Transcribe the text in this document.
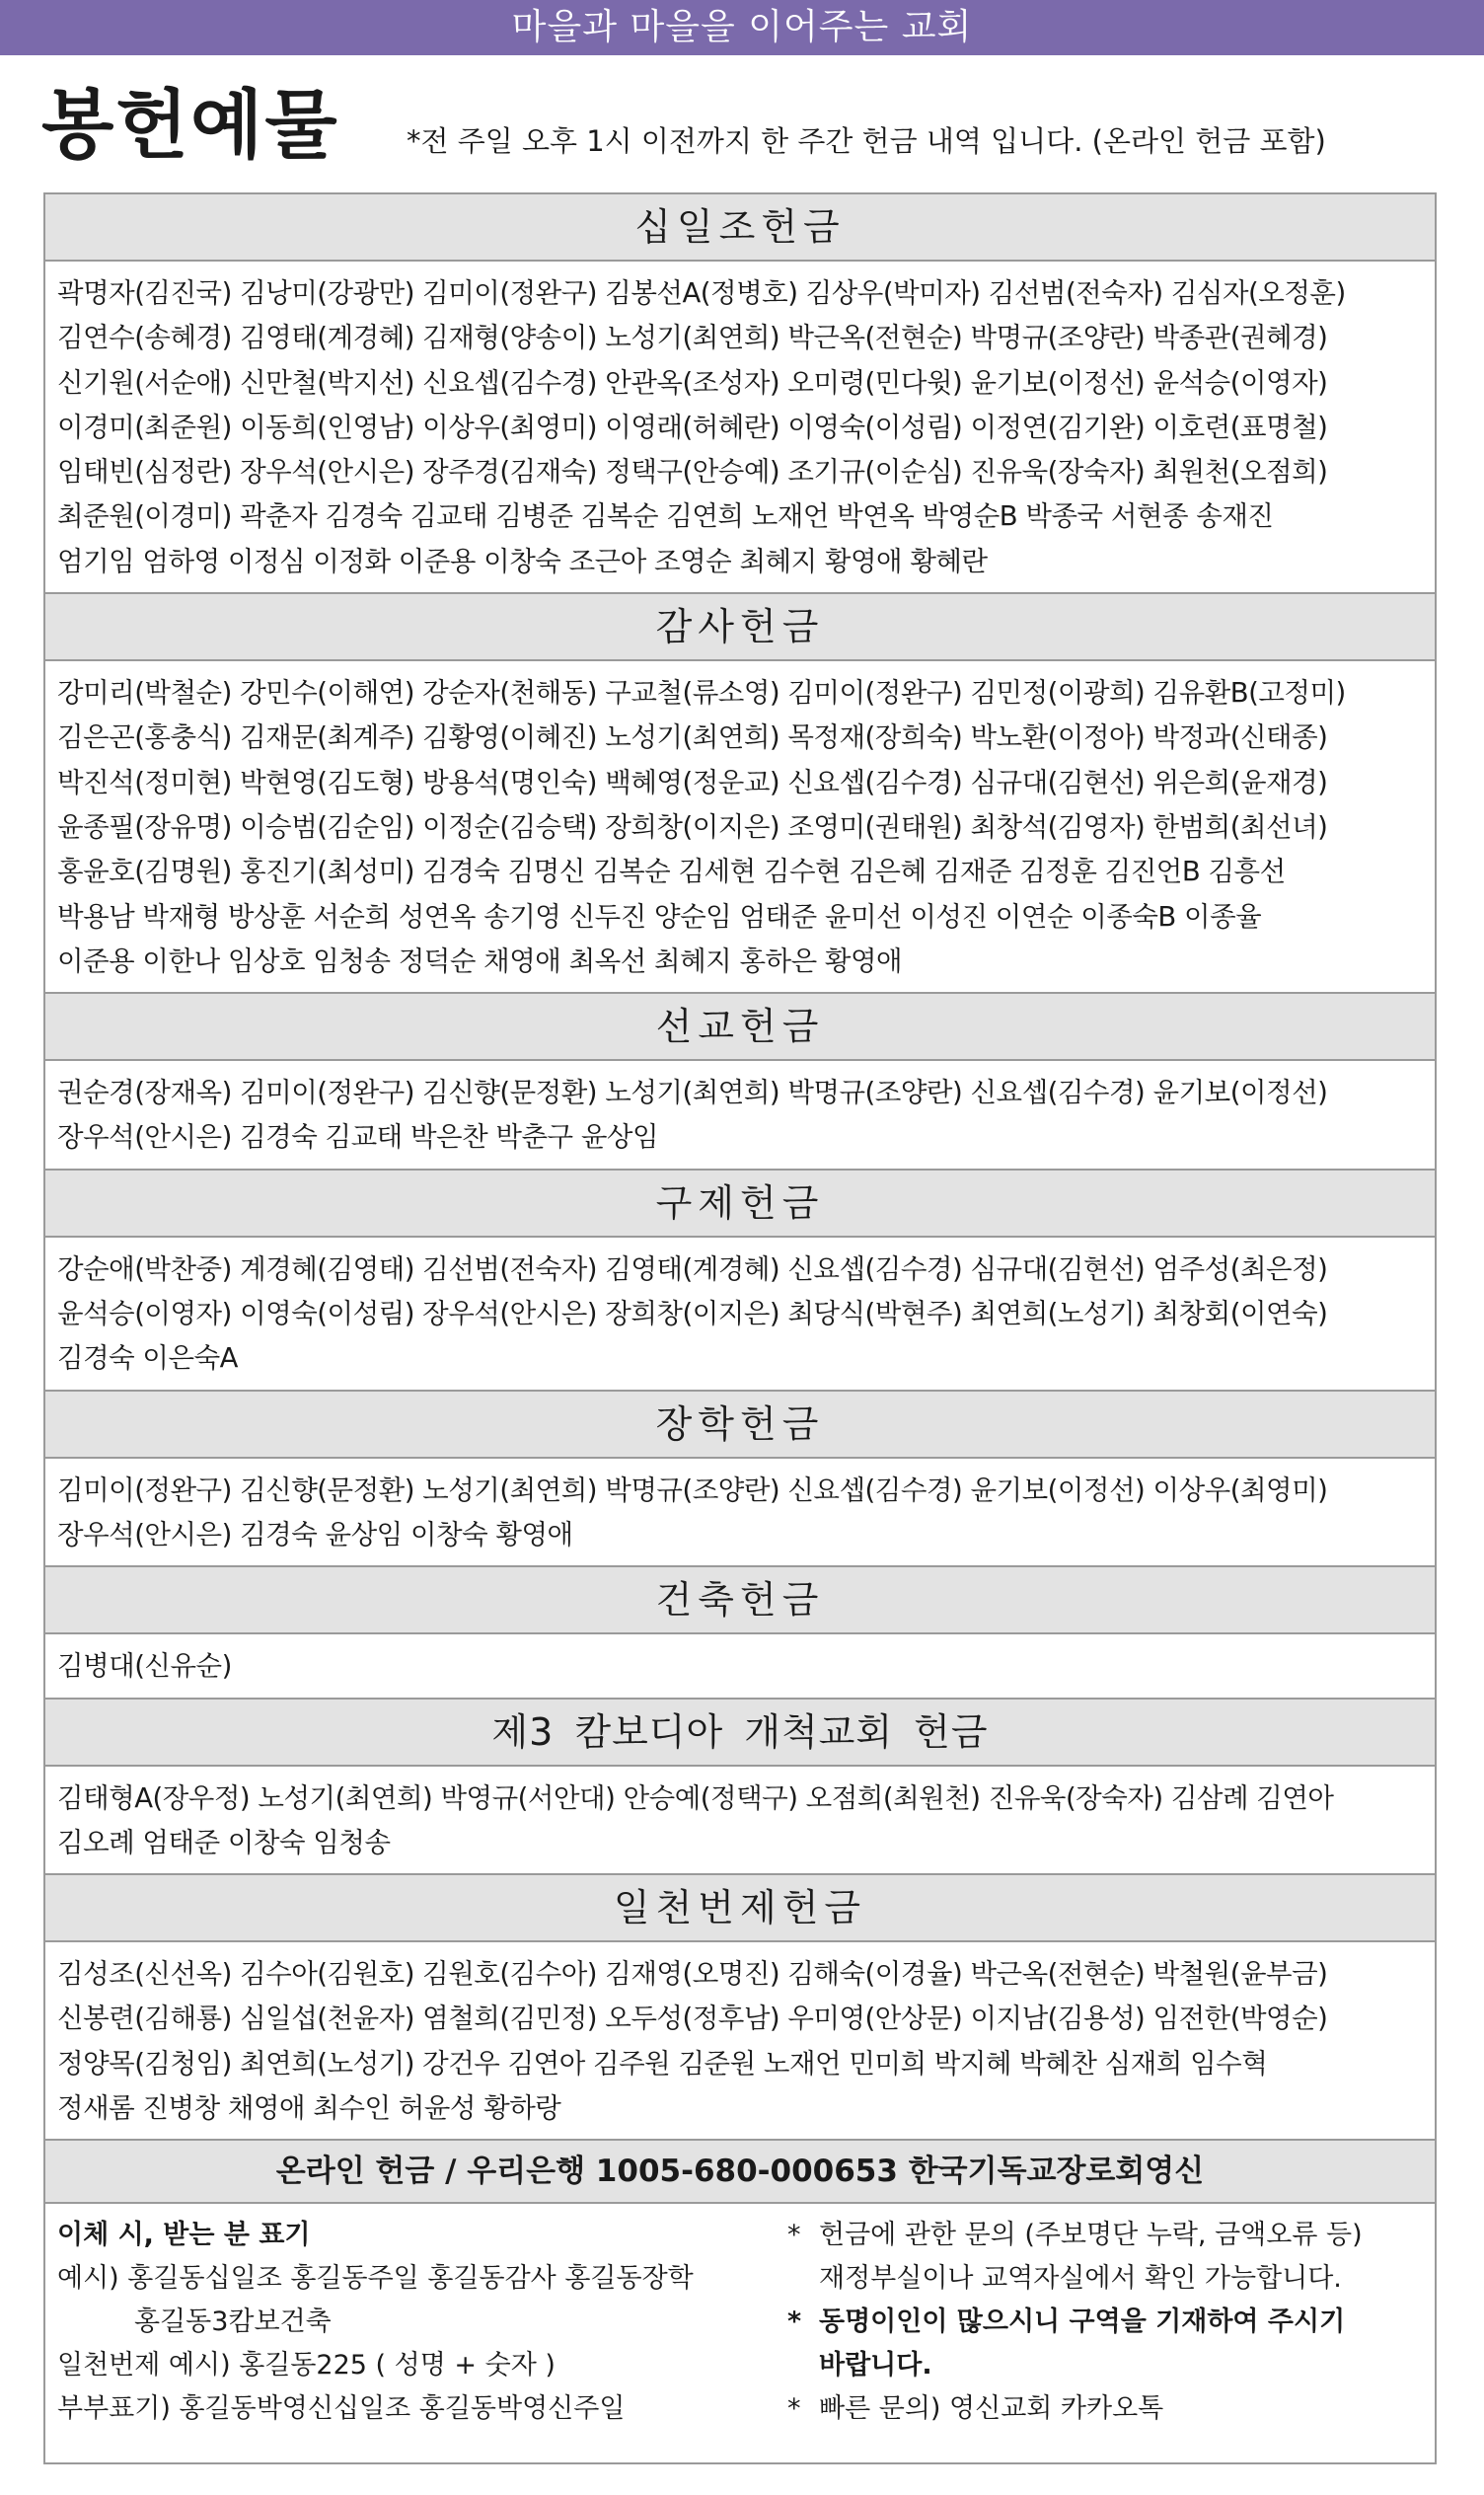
마을과 마을을 이어주는 교회
봉헌예물 *전 주일 오후 1시 이전까지 한 주간 헌금 내역 입니다. (온라인 헌금 포함)
십일조헌금
곽명자(김진국) 김낭미(강광만) 김미이(정완구) 김봉선A(정병호) 김상우(박미자) 김선범(전숙자) 김심자(오정훈)
김연수(송혜경) 김영태(계경혜) 김재형(양송이) 노성기(최연희) 박근옥(전현순) 박명규(조양란) 박종관(권혜경)
신기원(서순애) 신만철(박지선) 신요셉(김수경) 안관옥(조성자) 오미령(민다윗) 윤기보(이정선) 윤석승(이영자)
이경미(최준원) 이동희(인영남) 이상우(최영미) 이영래(허혜란) 이영숙(이성림) 이정연(김기완) 이호련(표명철)
임태빈(심정란) 장우석(안시은) 장주경(김재숙) 정택구(안승예) 조기규(이순심) 진유욱(장숙자) 최원천(오점희)
최준원(이경미) 곽춘자 김경숙 김교태 김병준 김복순 김연희 노재언 박연옥 박영순B 박종국 서현종 송재진
엄기임 엄하영 이정심 이정화 이준용 이창숙 조근아 조영순 최혜지 황영애 황혜란
감사헌금
강미리(박철순) 강민수(이해연) 강순자(천해동) 구교철(류소영) 김미이(정완구) 김민정(이광희) 김유환B(고정미)
김은곤(홍충식) 김재문(최계주) 김황영(이혜진) 노성기(최연희) 목정재(장희숙) 박노환(이정아) 박정과(신태종)
박진석(정미현) 박현영(김도형) 방용석(명인숙) 백혜영(정운교) 신요셉(김수경) 심규대(김현선) 위은희(윤재경)
윤종필(장유명) 이승범(김순임) 이정순(김승택) 장희창(이지은) 조영미(권태원) 최창석(김영자) 한범희(최선녀)
홍윤호(김명원) 홍진기(최성미) 김경숙 김명신 김복순 김세현 김수현 김은혜 김재준 김정훈 김진언B 김흥선
박용남 박재형 방상훈 서순희 성연옥 송기영 신두진 양순임 엄태준 윤미선 이성진 이연순 이종숙B 이종율
이준용 이한나 임상호 임청송 정덕순 채영애 최옥선 최혜지 홍하은 황영애
선교헌금
권순경(장재옥) 김미이(정완구) 김신향(문정환) 노성기(최연희) 박명규(조양란) 신요셉(김수경) 윤기보(이정선)
장우석(안시은) 김경숙 김교태 박은찬 박춘구 윤상임
구제헌금
강순애(박찬중) 계경혜(김영태) 김선범(전숙자) 김영태(계경혜) 신요셉(김수경) 심규대(김현선) 엄주성(최은정)
윤석승(이영자) 이영숙(이성림) 장우석(안시은) 장희창(이지은) 최당식(박현주) 최연희(노성기) 최창회(이연숙)
김경숙 이은숙A
장학헌금
김미이(정완구) 김신향(문정환) 노성기(최연희) 박명규(조양란) 신요셉(김수경) 윤기보(이정선) 이상우(최영미)
장우석(안시은) 김경숙 윤상임 이창숙 황영애
건축헌금
김병대(신유순)
제3 캄보디아 개척교회 헌금
김태형A(장우정) 노성기(최연희) 박영규(서안대) 안승예(정택구) 오점희(최원천) 진유욱(장숙자) 김삼례 김연아
김오례 엄태준 이창숙 임청송
일천번제헌금
김성조(신선옥) 김수아(김원호) 김원호(김수아) 김재영(오명진) 김해숙(이경율) 박근옥(전현순) 박철원(윤부금)
신봉련(김해룡) 심일섭(천윤자) 염철희(김민정) 오두성(정후남) 우미영(안상문) 이지남(김용성) 임전한(박영순)
정양목(김청임) 최연희(노성기) 강건우 김연아 김주원 김준원 노재언 민미희 박지혜 박혜찬 심재희 임수혁
정새롬 진병창 채영애 최수인 허윤성 황하랑
온라인 헌금 / 우리은행 1005-680-000653 한국기독교장로회영신
이체 시, 받는 분 표기
예시) 홍길동십일조 홍길동주일 홍길동감사 홍길동장학
홍길동3캄보건축
일천번제 예시) 홍길동225 ( 성명 + 숫자 )
부부표기) 홍길동박영신십일조 홍길동박영신주일
* 헌금에 관한 문의 (주보명단 누락, 금액오류 등)
재정부실이나 교역자실에서 확인 가능합니다.
* 동명이인이 많으시니 구역을 기재하여 주시기
바랍니다.
* 빠른 문의) 영신교회 카카오톡
